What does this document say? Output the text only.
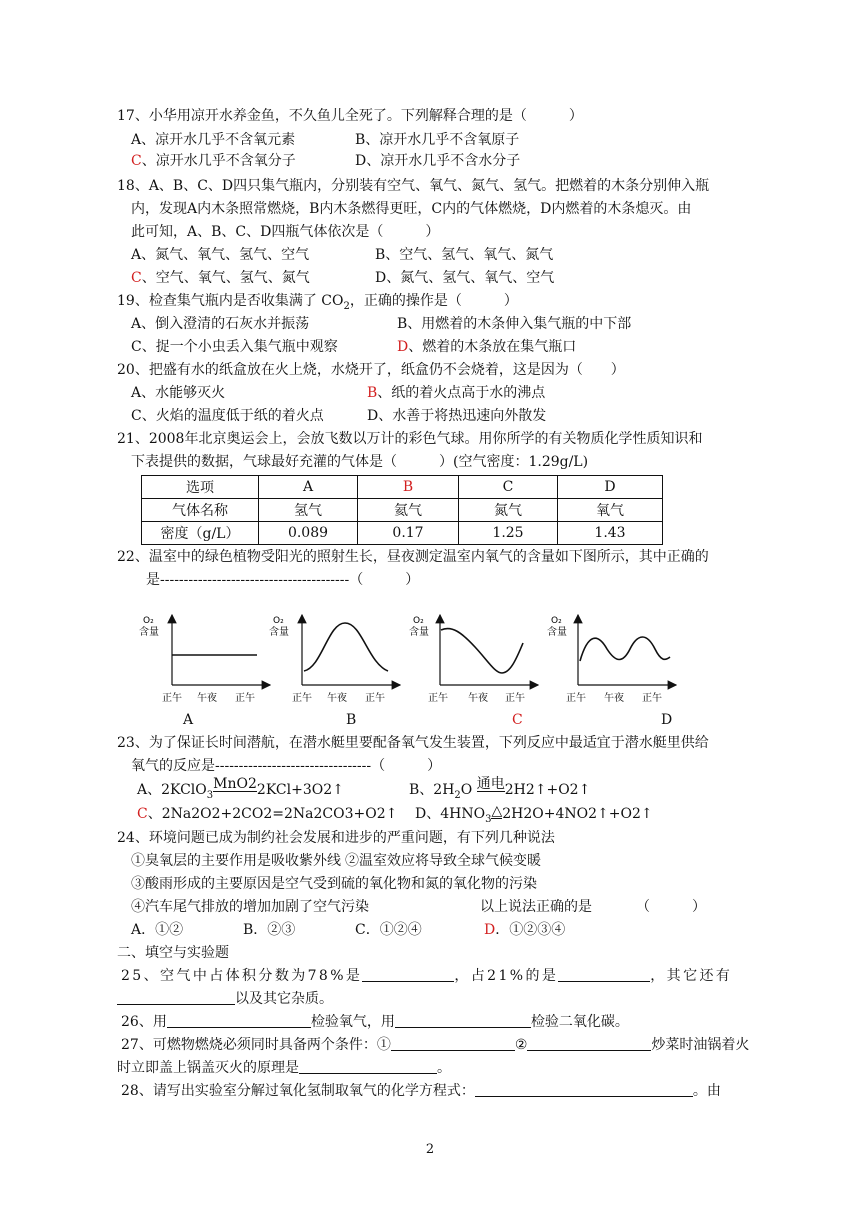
17、小华用凉开水养金鱼，不久鱼儿全死了。下列解释合理的是（　　　）
A、凉开水几乎不含氧元素	B、凉开水几乎不含氧原子
C、凉开水几乎不含氧分子	D、凉开水几乎不含水分子
18、A、B、C、D四只集气瓶内，分别装有空气、氧气、氮气、氢气。把燃着的木条分别伸入瓶
内，发现A内木条照常燃烧，B内木条燃得更旺，C内的气体燃烧，D内燃着的木条熄灭。由
此可知，A、B、C、D四瓶气体依次是（　　　）
A、氮气、氧气、氢气、空气	B、空气、氢气、氧气、氮气
C、空气、氧气、氢气、氮气	D、氮气、氢气、氧气、空气
19、检查集气瓶内是否收集满了 $CO_2$，正确的操作是（　　　）
A、倒入澄清的石灰水并振荡	B、用燃着的木条伸入集气瓶的中下部
C、捉一个小虫丢入集气瓶中观察	D、燃着的木条放在集气瓶口
20、把盛有水的纸盒放在火上烧，水烧开了，纸盒仍不会烧着，这是因为（　　）
A、水能够灭火	B、纸的着火点高于水的沸点
C、火焰的温度低于纸的着火点	D、水善于将热迅速向外散发
21、2008年北京奥运会上，会放飞数以万计的彩色气球。用你所学的有关物质化学性质知识和
下表提供的数据，气球最好充灌的气体是（　　　）(空气密度：1.29g/L)
选项	A	B	C	D
气体名称	氢气	氦气	氮气	氧气
密度（g/L）	0.089	0.17	1.25	1.43
22、温室中的绿色植物受阳光的照射生长，昼夜测定温室内氧气的含量如下图所示，其中正确的
是----------------------------------------（　　　）
O₂
含量
正午 午夜 正午
O₂
含量
正午 午夜 正午
O₂
含量
正午 午夜 正午
O₂
含量
正午 午夜 正午
A	B	C	D
23、为了保证长时间潜航，在潜水艇里要配备氧气发生装置，下列反应中最适宜于潜水艇里供给
氧气的反应是---------------------------------（　　　）
A、2KClO$_3$MnO22KCl+3O2↑	B、$2H_2O$ 通电2H2↑+O2↑
C、2Na2O2+2CO2=2Na2CO3+O2↑ D、$4HNO_3\triangle 2H2O+4NO2↑+O2↑$
24、环境问题已成为制约社会发展和进步的严重问题，有下列几种说法
①臭氧层的主要作用是吸收紫外线 ②温室效应将导致全球气候变暖
③酸雨形成的主要原因是空气受到硫的氧化物和氮的氧化物的污染
④汽车尾气排放的增加加剧了空气污染	以上说法正确的是	（　　　）
A．①②	B．②③	C．①②④	D．①②③④
二、填空与实验题
25、空气中占体积分数为78%是	，占21%的是	，其它还有
以及其它杂质。
26、用	检验氧气，用	检验二氧化碳。
27、可燃物燃烧必须同时具备两个条件：①	②	炒菜时油锅着火
时立即盖上锅盖灭火的原理是	。
28、请写出实验室分解过氧化氢制取氧气的化学方程式：	。由
2
